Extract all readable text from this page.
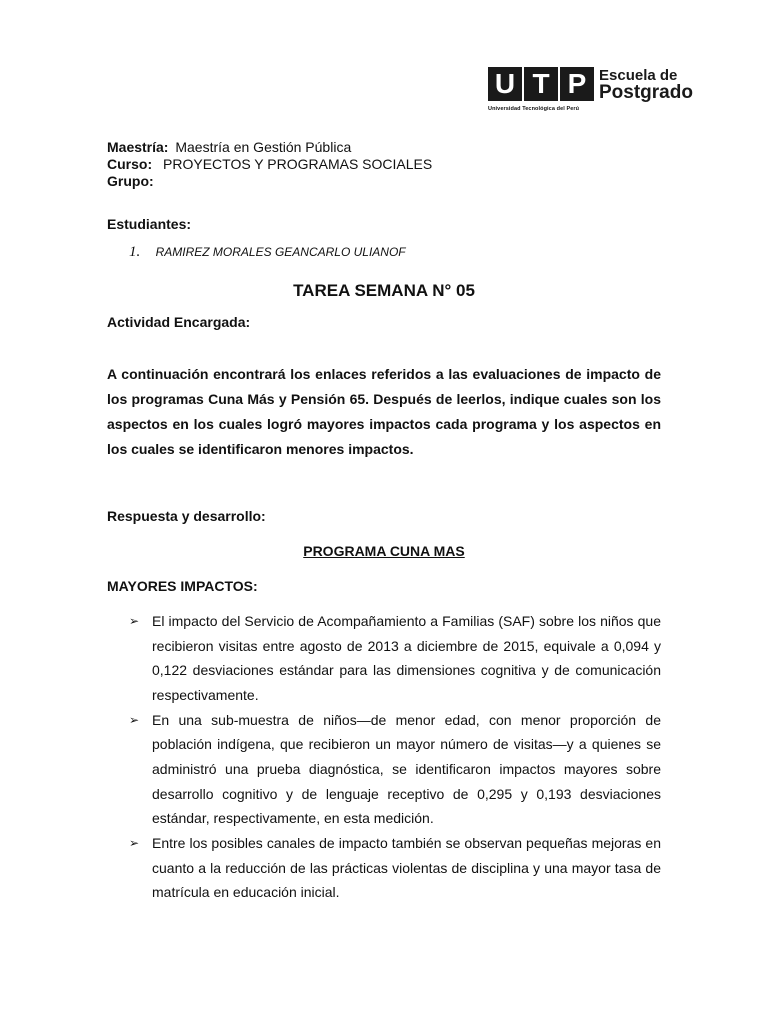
U T P
Universidad Tecnológica del Perú
Escuela de
Postgrado
Maestría: Maestría en Gestión Pública
Curso: PROYECTOS Y PROGRAMAS SOCIALES
Grupo:
Estudiantes:
1. RAMIREZ MORALES GEANCARLO ULIANOF
TAREA SEMANA N° 05
Actividad Encargada:
A continuación encontrará los enlaces referidos a las evaluaciones de impacto de los programas Cuna Más y Pensión 65. Después de leerlos, indique cuales son los aspectos en los cuales logró mayores impactos cada programa y los aspectos en los cuales se identificaron menores impactos.
Respuesta y desarrollo:
PROGRAMA CUNA MAS
MAYORES IMPACTOS:
➢ El impacto del Servicio de Acompañamiento a Familias (SAF) sobre los niños que recibieron visitas entre agosto de 2013 a diciembre de 2015, equivale a 0,094 y 0,122 desviaciones estándar para las dimensiones cognitiva y de comunicación respectivamente.
➢ En una sub-muestra de niños—de menor edad, con menor proporción de población indígena, que recibieron un mayor número de visitas—y a quienes se administró una prueba diagnóstica, se identificaron impactos mayores sobre desarrollo cognitivo y de lenguaje receptivo de 0,295 y 0,193 desviaciones estándar, respectivamente, en esta medición.
➢ Entre los posibles canales de impacto también se observan pequeñas mejoras en cuanto a la reducción de las prácticas violentas de disciplina y una mayor tasa de matrícula en educación inicial.
